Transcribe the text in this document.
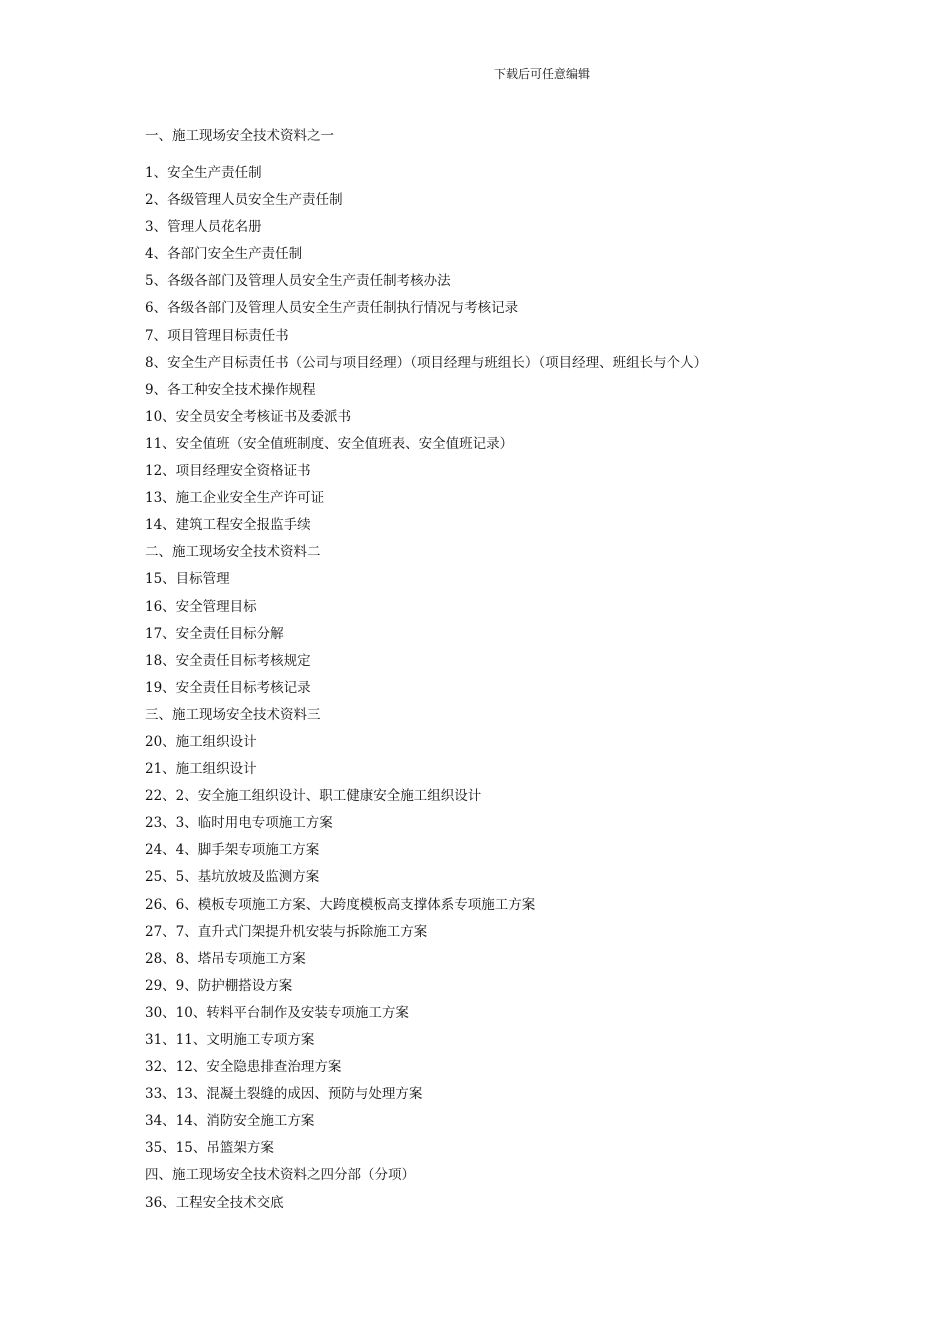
下载后可任意编辑
一、施工现场安全技术资料之一
1、安全生产责任制
2、各级管理人员安全生产责任制
3、管理人员花名册
4、各部门安全生产责任制
5、各级各部门及管理人员安全生产责任制考核办法
6、各级各部门及管理人员安全生产责任制执行情况与考核记录
7、项目管理目标责任书
8、安全生产目标责任书（公司与项目经理）（项目经理与班组长）（项目经理、班组长与个人）
9、各工种安全技术操作规程
10、安全员安全考核证书及委派书
11、安全值班（安全值班制度、安全值班表、安全值班记录）
12、项目经理安全资格证书
13、施工企业安全生产许可证
14、建筑工程安全报监手续
二、施工现场安全技术资料二
15、目标管理
16、安全管理目标
17、安全责任目标分解
18、安全责任目标考核规定
19、安全责任目标考核记录
三、施工现场安全技术资料三
20、施工组织设计
21、施工组织设计
22、2、安全施工组织设计、职工健康安全施工组织设计
23、3、临时用电专项施工方案
24、4、脚手架专项施工方案
25、5、基坑放坡及监测方案
26、6、模板专项施工方案、大跨度模板高支撑体系专项施工方案
27、7、直升式门架提升机安装与拆除施工方案
28、8、塔吊专项施工方案
29、9、防护棚搭设方案
30、10、转料平台制作及安装专项施工方案
31、11、文明施工专项方案
32、12、安全隐患排查治理方案
33、13、混凝土裂缝的成因、预防与处理方案
34、14、消防安全施工方案
35、15、吊篮架方案
四、施工现场安全技术资料之四分部（分项）
36、工程安全技术交底
